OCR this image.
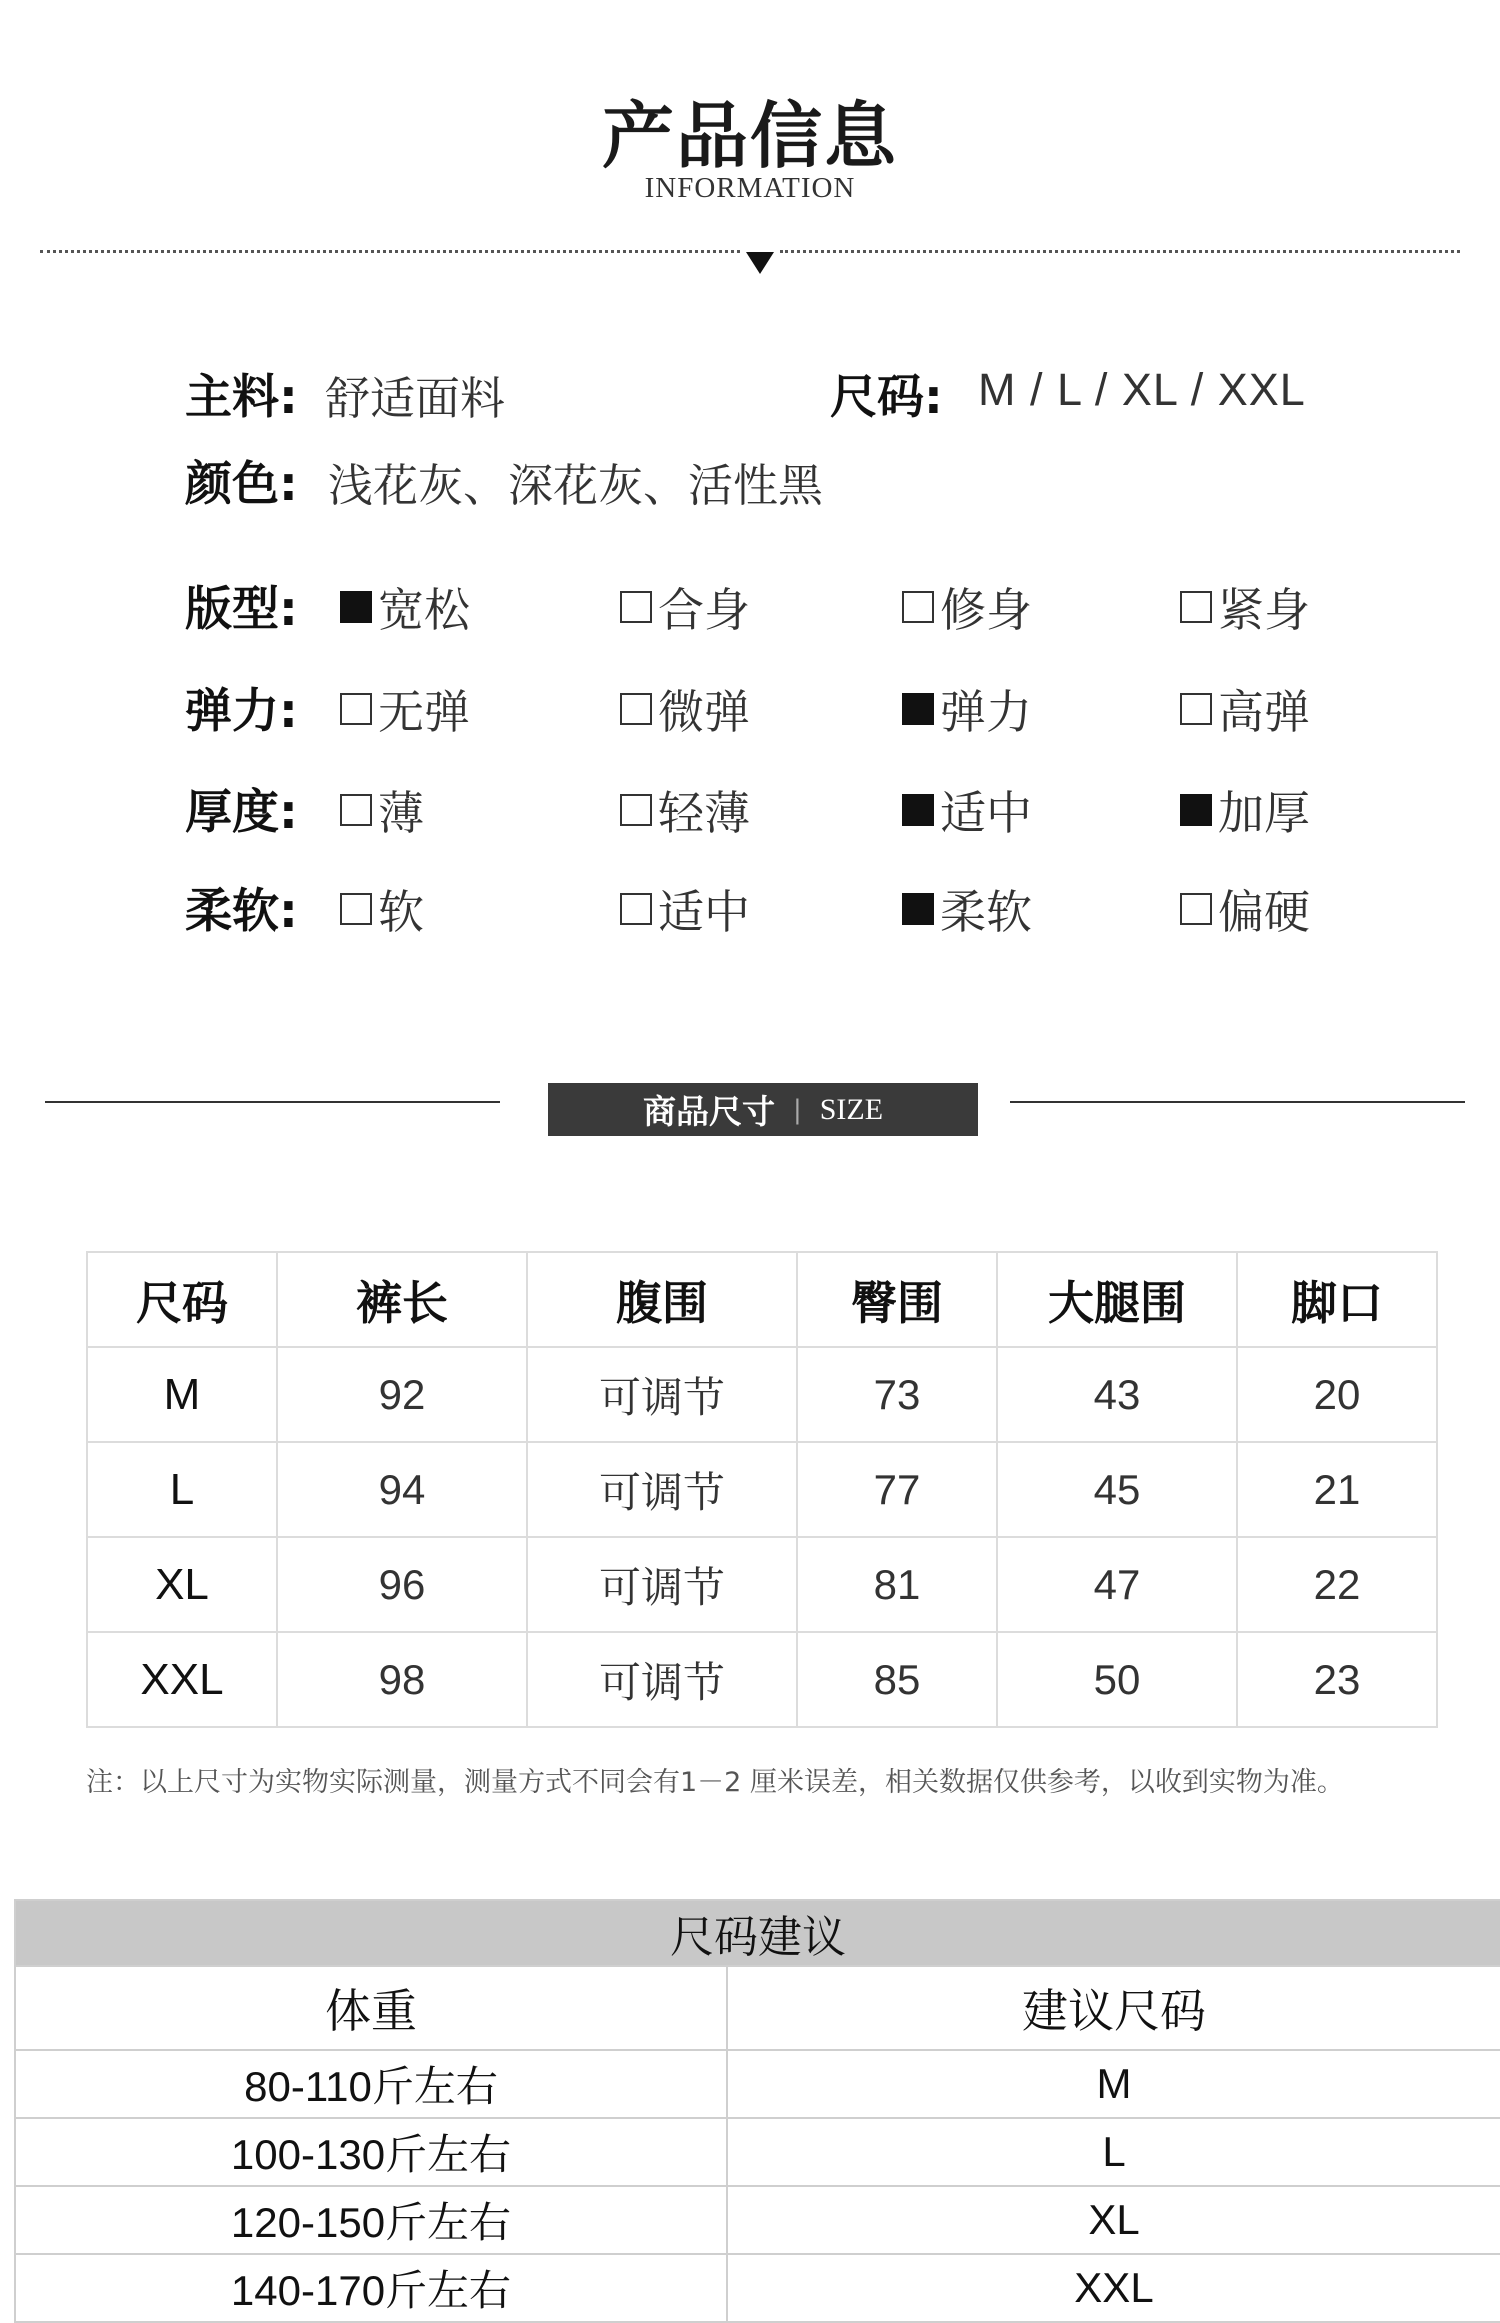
产品信息
INFORMATION
主料: 舒适面料	尺码: M / L / XL / XXL
颜色: 浅花灰、深花灰、活性黑
版型: 宽松	合身	修身	紧身
弹力: 无弹	微弹	弹力	高弹
厚度: 薄	轻薄	适中	加厚
柔软: 软	适中	柔软	偏硬
商品尺寸 | SIZE
尺码	裤长	腹围	臀围	大腿围	脚口
M	92	可调节	73	43	20
L	94	可调节	77	45	21
XL	96	可调节	81	47	22
XXL	98	可调节	85	50	23
注：以上尺寸为实物实际测量，测量方式不同会有1－2 厘米误差，相关数据仅供参考，以收到实物为准。
尺码建议	
体重	建议尺码
80-110斤左右	M
100-130斤左右	L
120-150斤左右	XL
140-170斤左右	XXL
